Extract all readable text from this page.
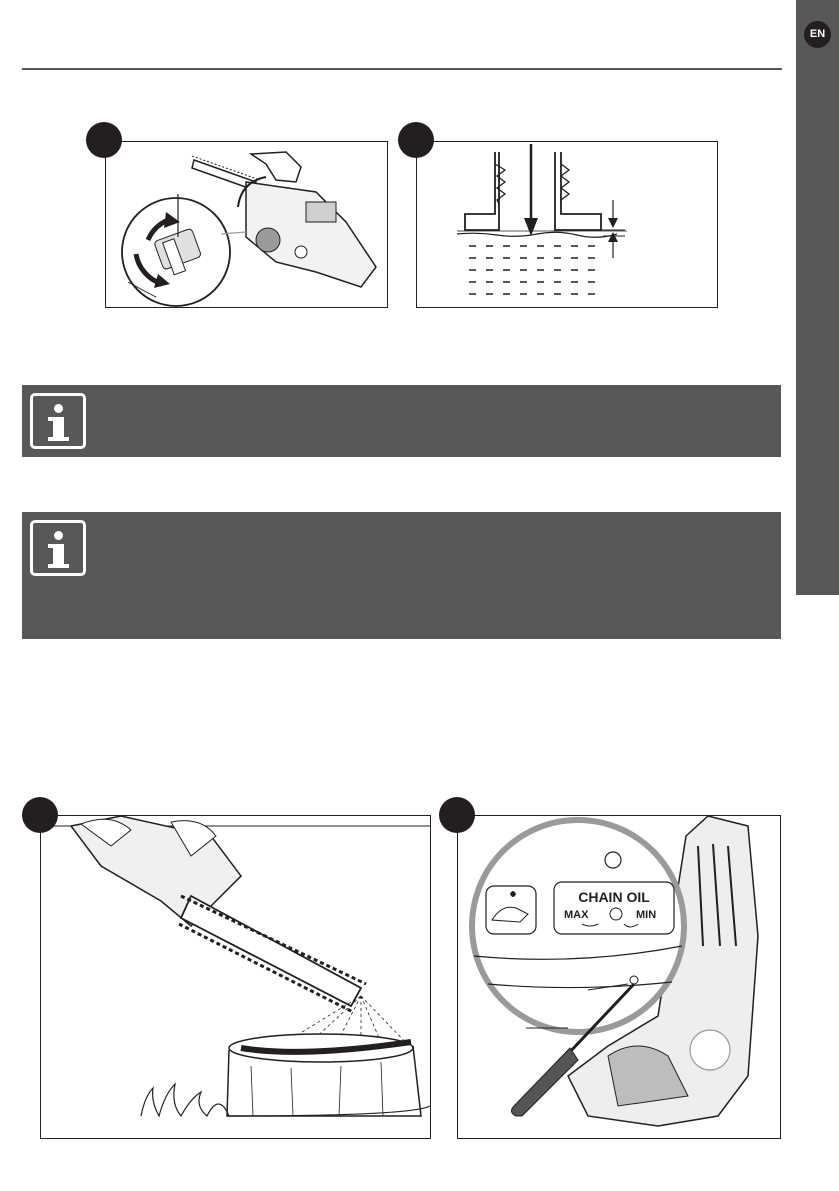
EN
CHAIN OIL
MAX	MIN
